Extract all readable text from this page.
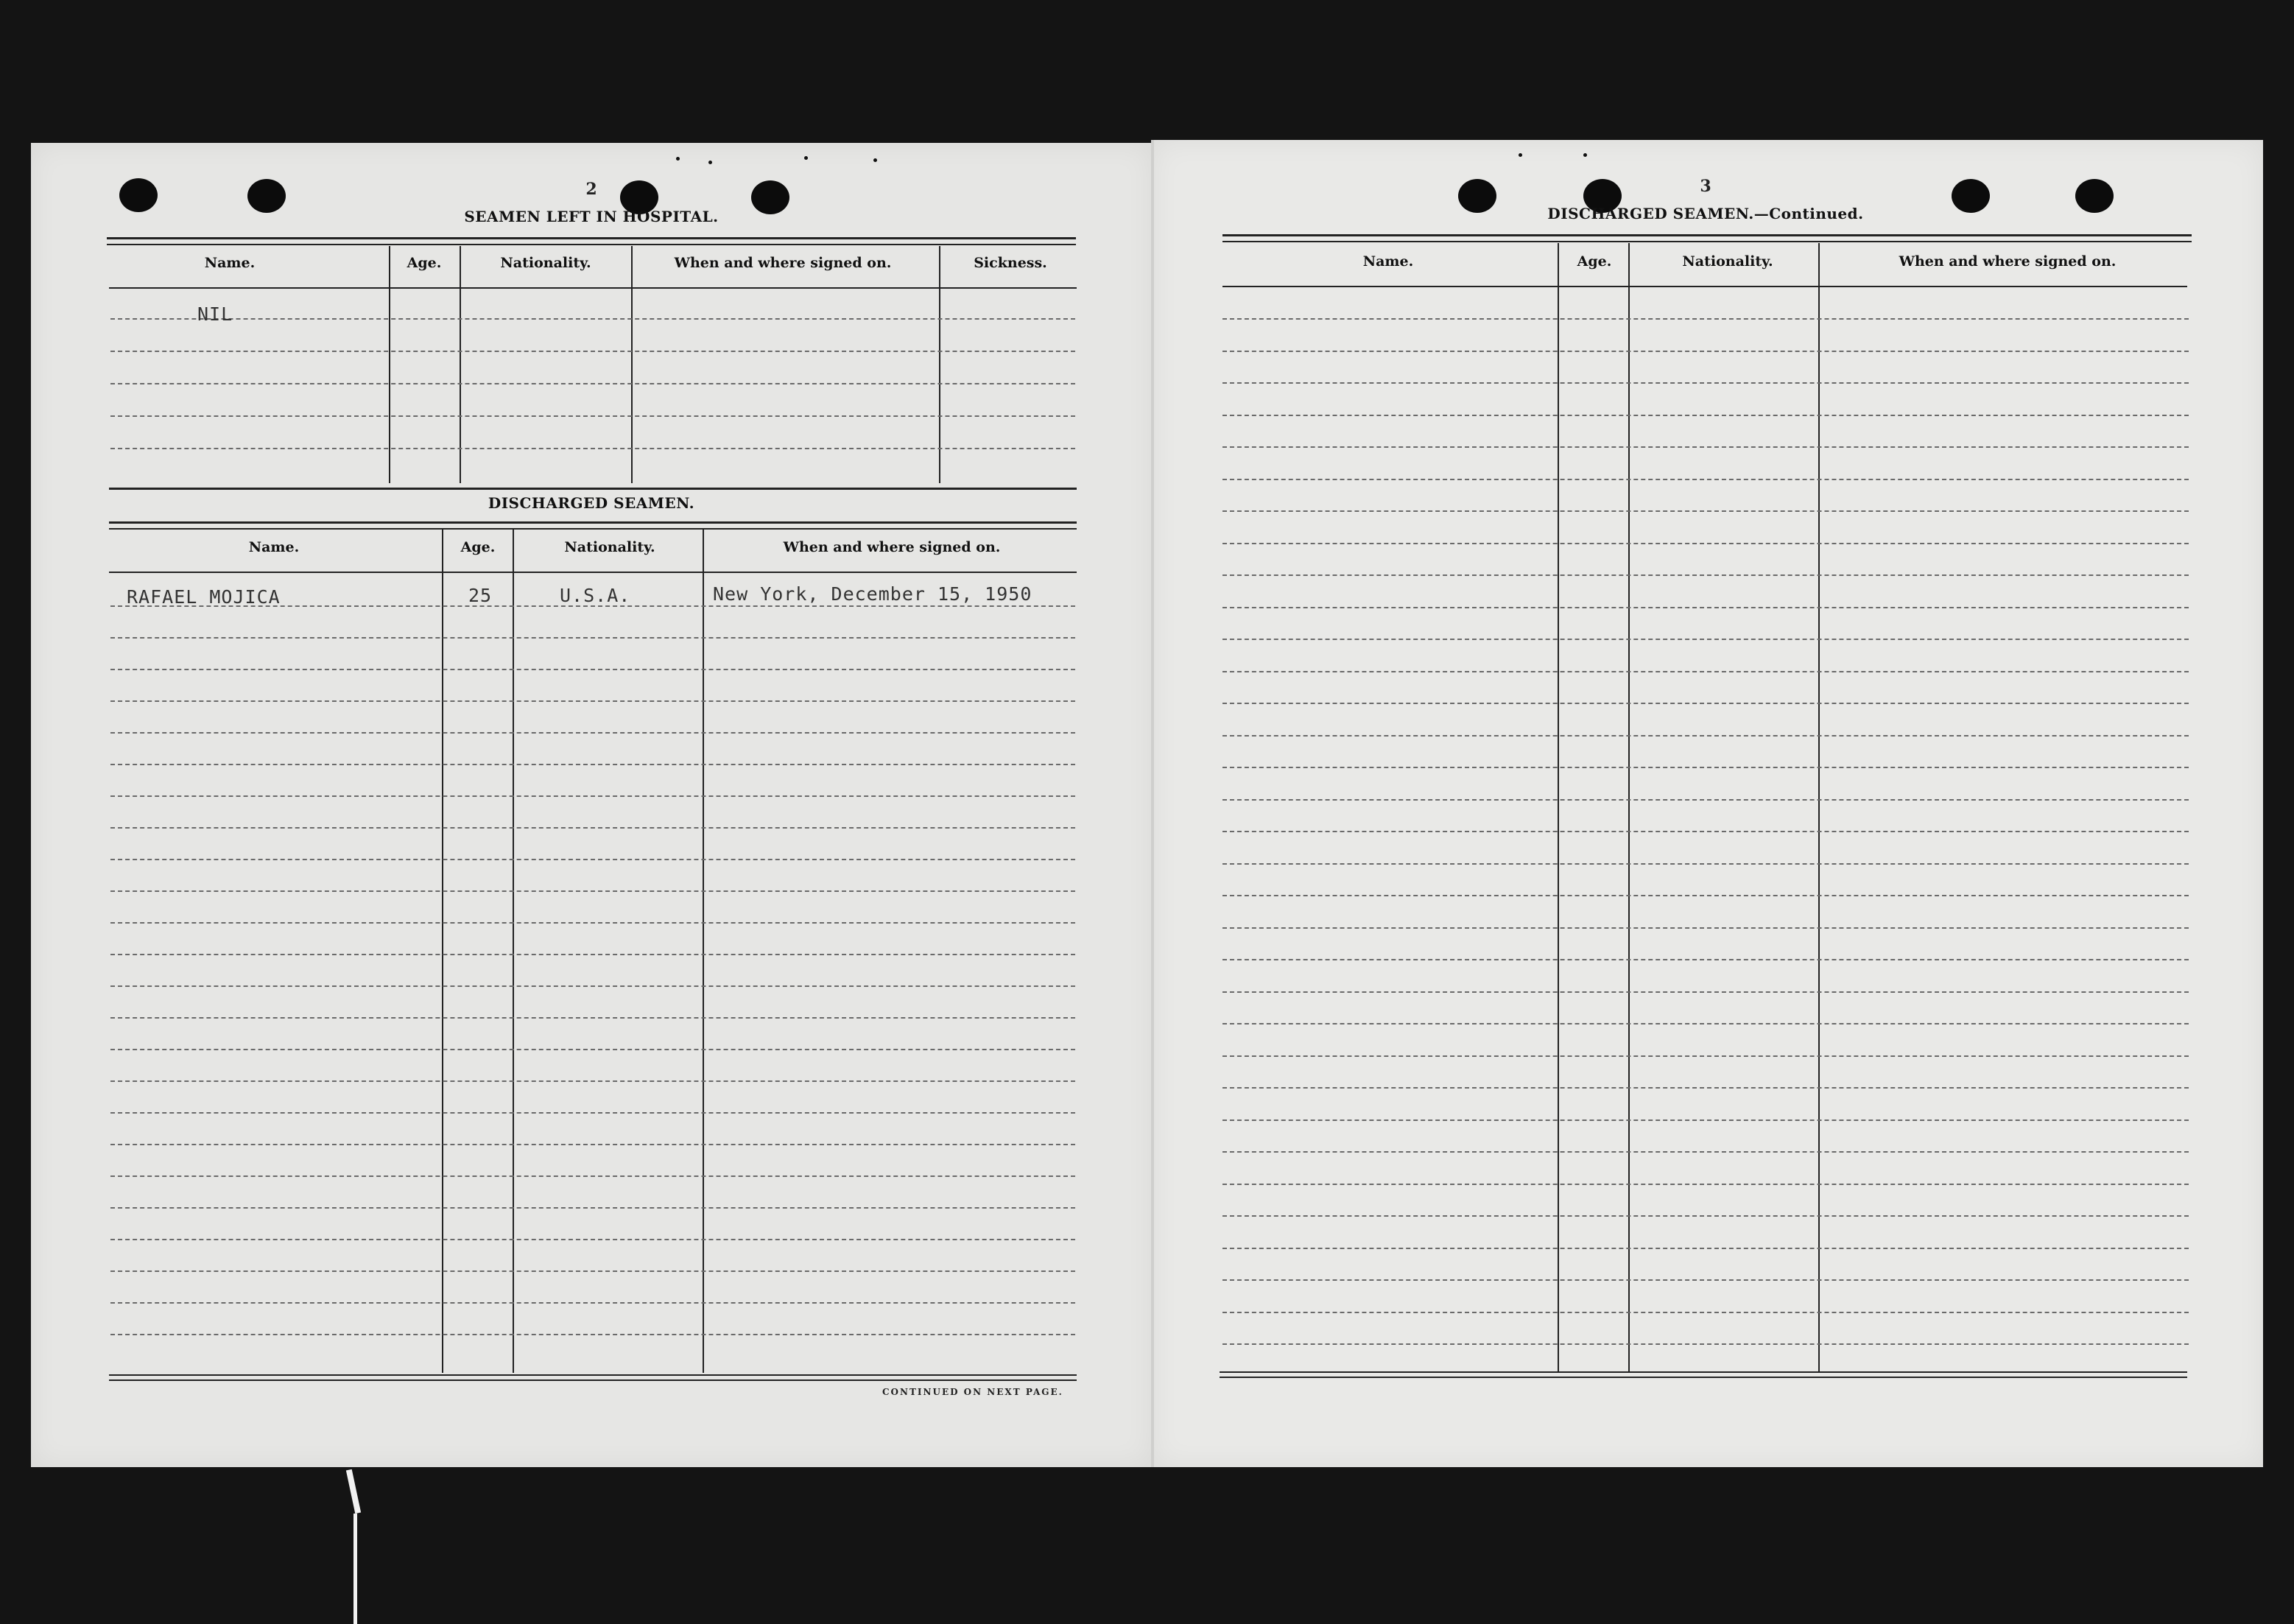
2
SEAMEN LEFT IN HOSPITAL.
Name.	Age.	Nationality.	When and where signed on.	Sickness.
NIL
DISCHARGED SEAMEN.
Name.	Age.	Nationality.	When and where signed on.
RAFAEL MOJICA	25	U.S.A.	New York, December 15, 1950
CONTINUED ON NEXT PAGE.
3
DISCHARGED SEAMEN.—Continued.
Name.	Age.	Nationality.	When and where signed on.
